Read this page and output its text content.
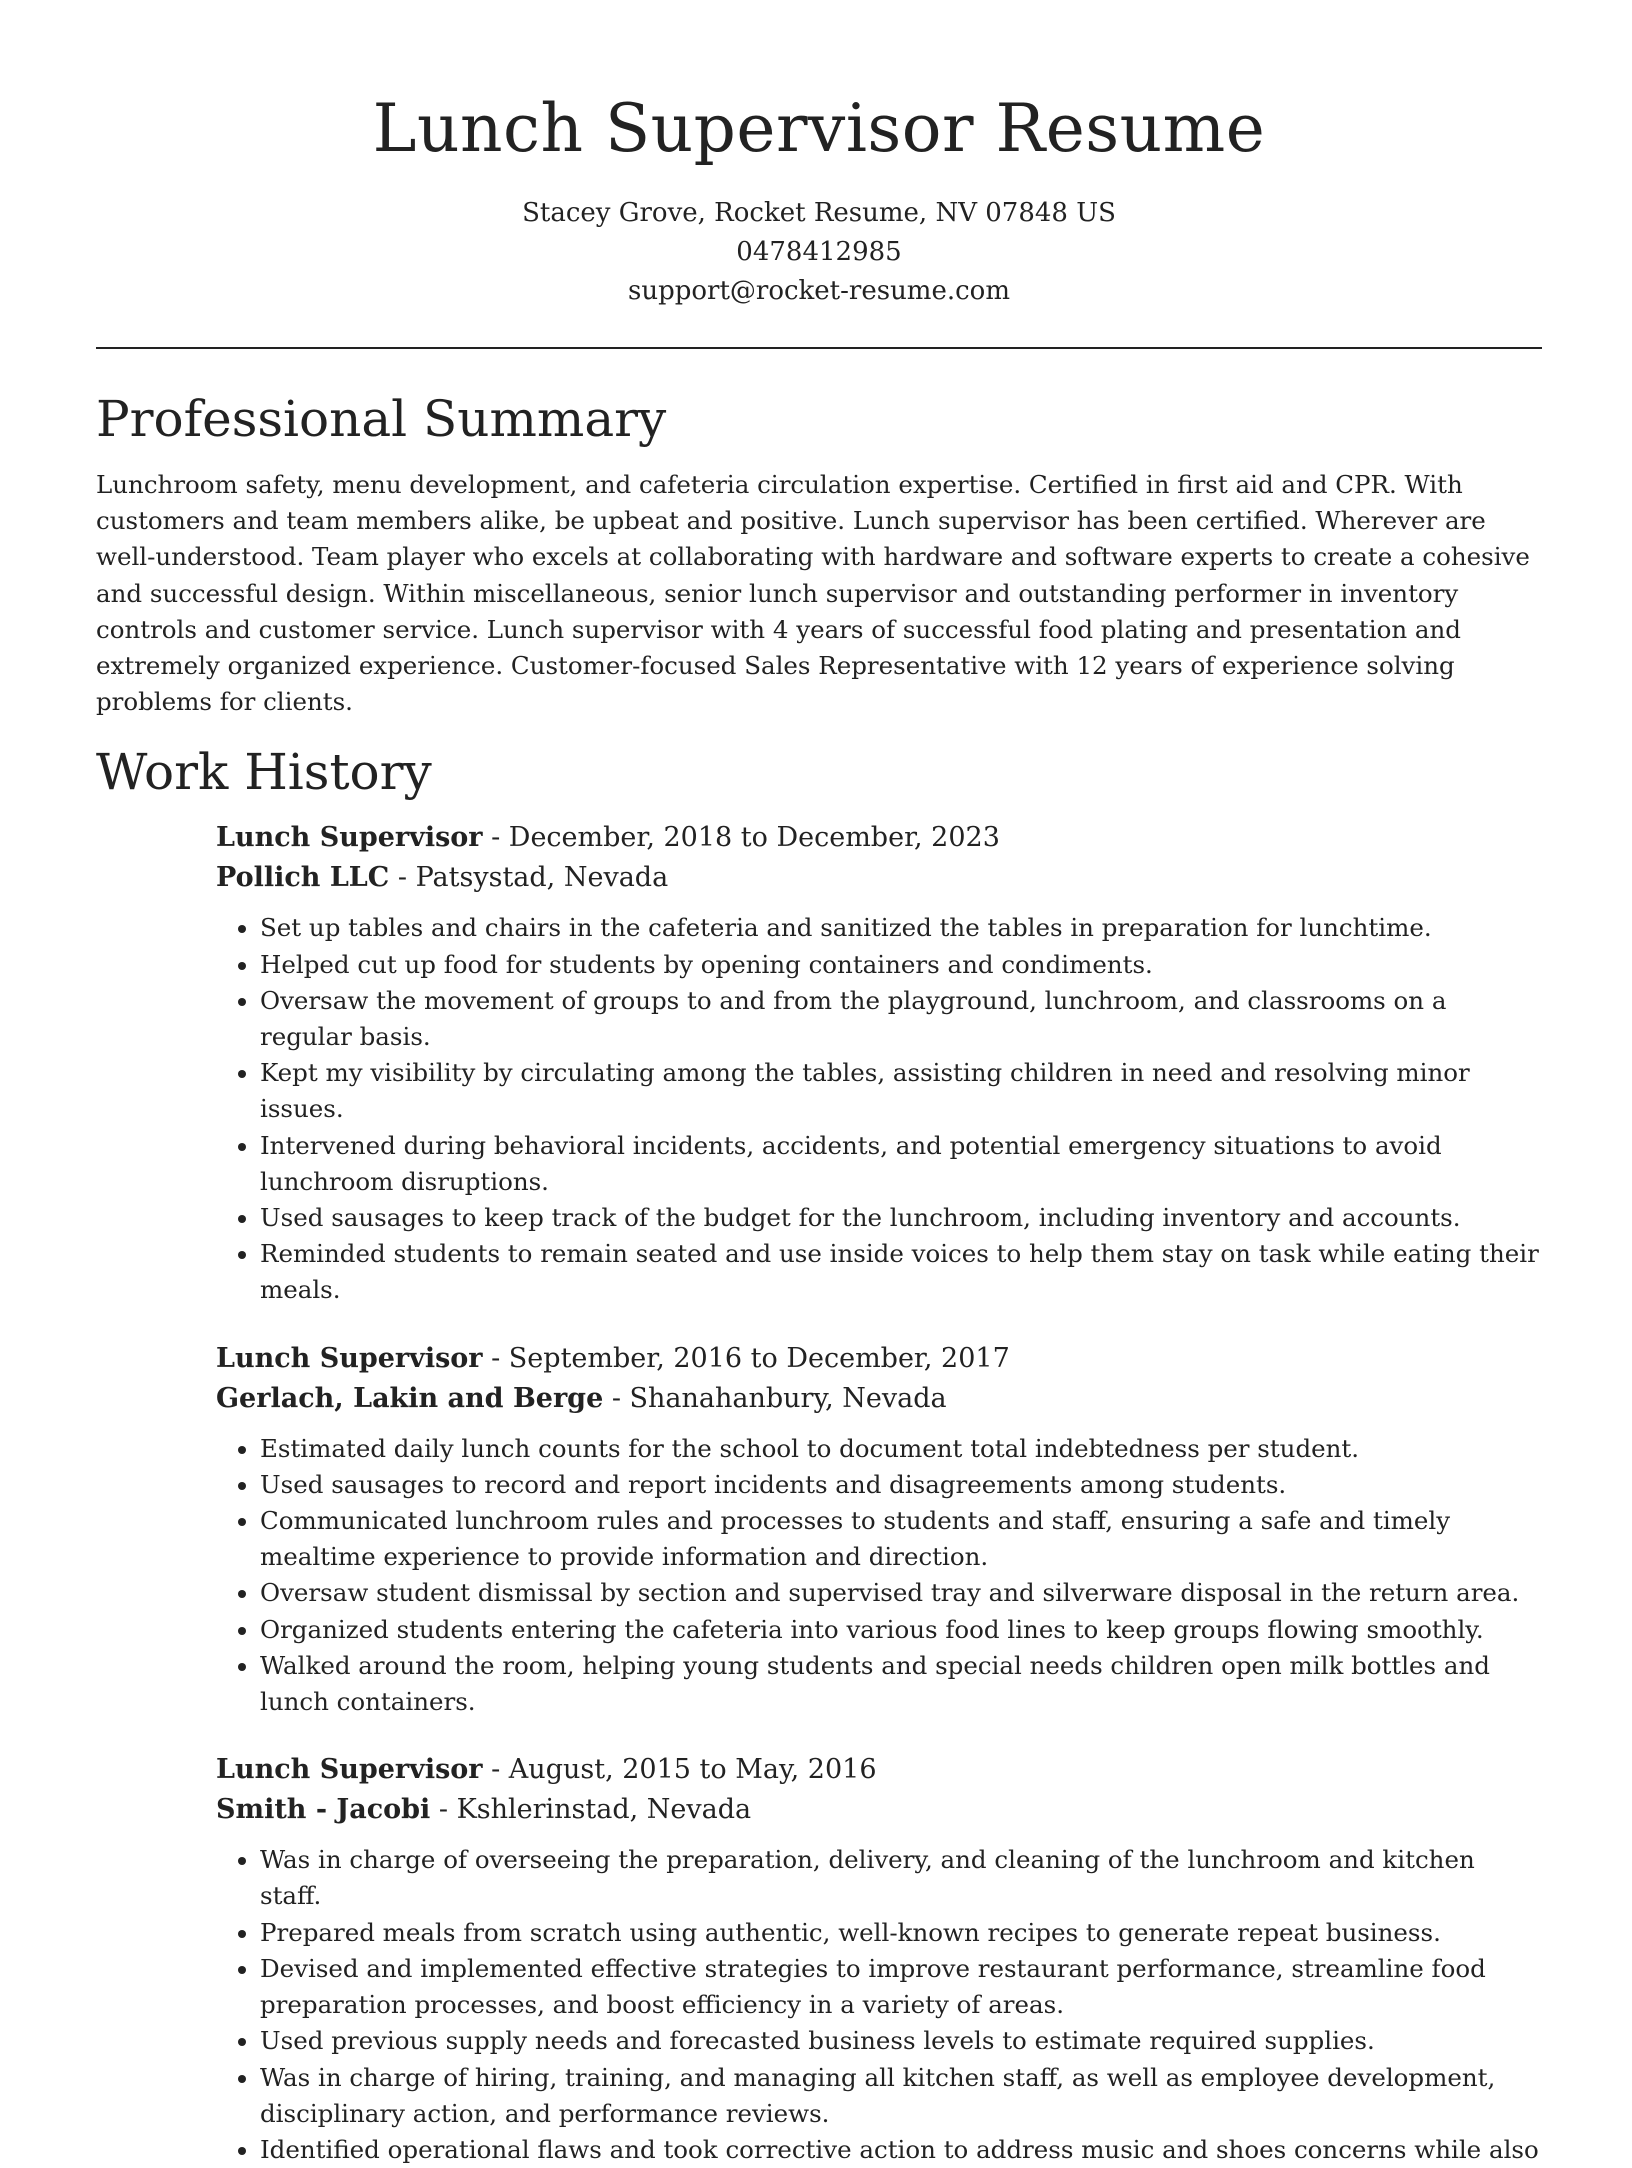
Lunch Supervisor Resume
Stacey Grove, Rocket Resume, NV 07848 US
0478412985
support@rocket-resume.com
Professional Summary

Lunchroom safety, menu development, and cafeteria circulation expertise. Certified in first aid and CPR. With customers and team members alike, be upbeat and positive. Lunch supervisor has been certified. Wherever are well-understood. Team player who excels at collaborating with hardware and software experts to create a cohesive and successful design. Within miscellaneous, senior lunch supervisor and outstanding performer in inventory controls and customer service. Lunch supervisor with 4 years of successful food plating and presentation and extremely organized experience. Customer-focused Sales Representative with 12 years of experience solving problems for clients.

Work History
Lunch Supervisor - December, 2018 to December, 2023
Pollich LLC - Patsystad, Nevada
• Set up tables and chairs in the cafeteria and sanitized the tables in preparation for lunchtime.
• Helped cut up food for students by opening containers and condiments.
• Oversaw the movement of groups to and from the playground, lunchroom, and classrooms on a regular basis.
• Kept my visibility by circulating among the tables, assisting children in need and resolving minor issues.
• Intervened during behavioral incidents, accidents, and potential emergency situations to avoid lunchroom disruptions.
• Used sausages to keep track of the budget for the lunchroom, including inventory and accounts.
• Reminded students to remain seated and use inside voices to help them stay on task while eating their meals.
Lunch Supervisor - September, 2016 to December, 2017
Gerlach, Lakin and Berge - Shanahanbury, Nevada
• Estimated daily lunch counts for the school to document total indebtedness per student.
• Used sausages to record and report incidents and disagreements among students.
• Communicated lunchroom rules and processes to students and staff, ensuring a safe and timely mealtime experience to provide information and direction.
• Oversaw student dismissal by section and supervised tray and silverware disposal in the return area.
• Organized students entering the cafeteria into various food lines to keep groups flowing smoothly.
• Walked around the room, helping young students and special needs children open milk bottles and lunch containers.
Lunch Supervisor - August, 2015 to May, 2016
Smith - Jacobi - Kshlerinstad, Nevada
• Was in charge of overseeing the preparation, delivery, and cleaning of the lunchroom and kitchen staff.
• Prepared meals from scratch using authentic, well-known recipes to generate repeat business.
• Devised and implemented effective strategies to improve restaurant performance, streamline food preparation processes, and boost efficiency in a variety of areas.
• Used previous supply needs and forecasted business levels to estimate required supplies.
• Was in charge of hiring, training, and managing all kitchen staff, as well as employee development, disciplinary action, and performance reviews.
• Identified operational flaws and took corrective action to address music and shoes concerns while also
